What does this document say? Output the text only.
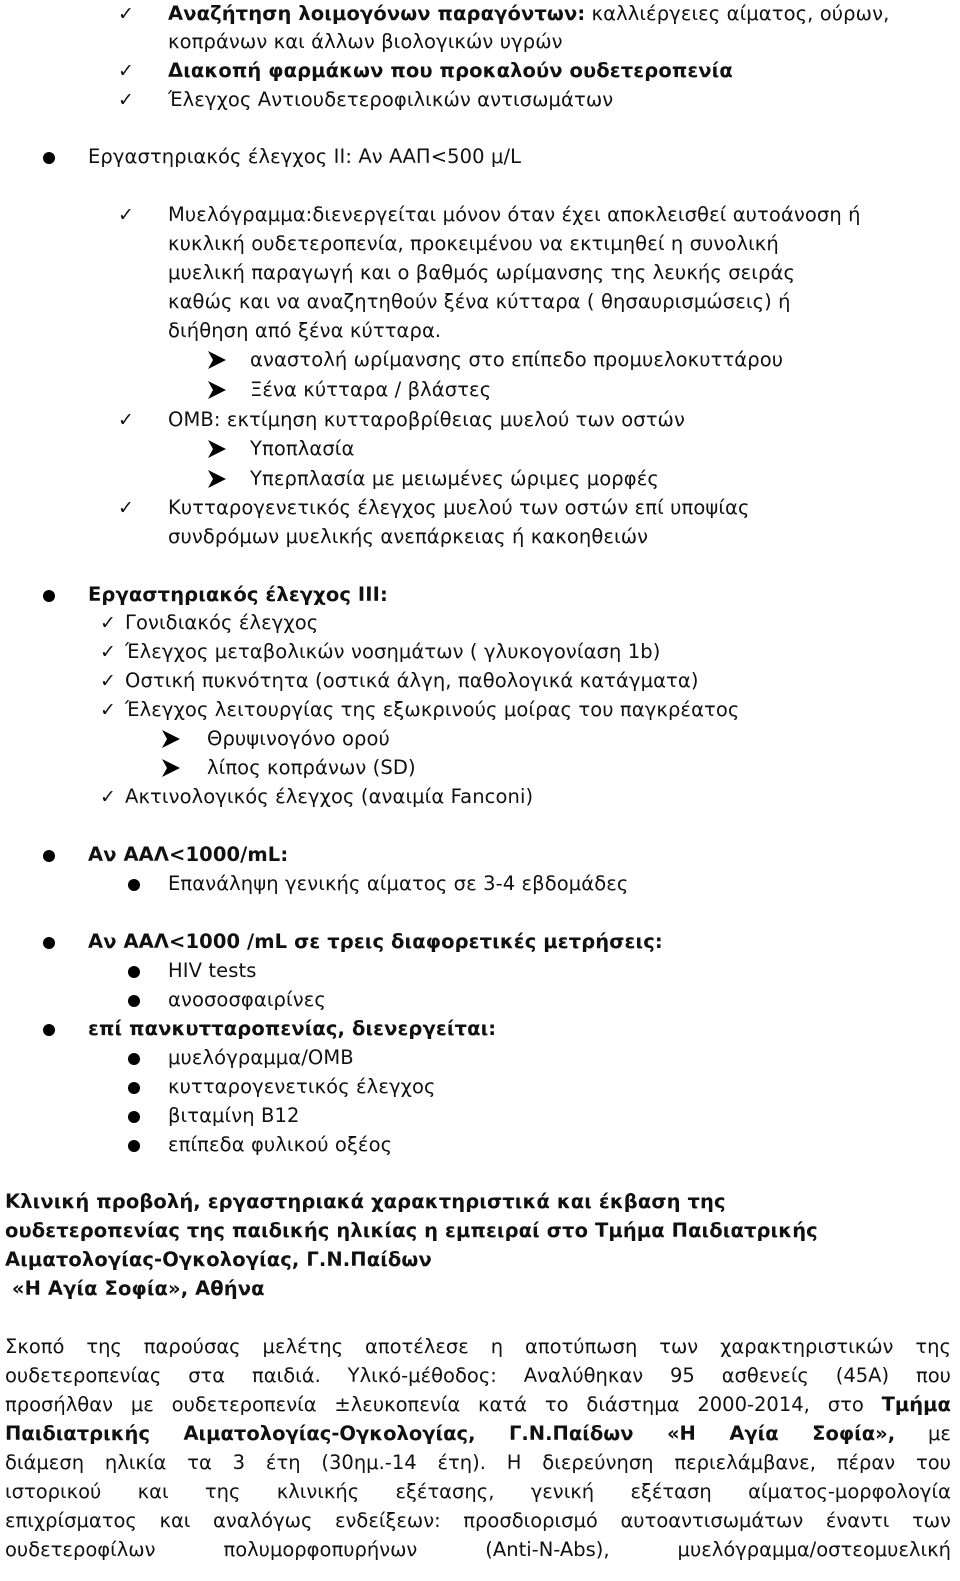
✓ Αναζήτηση λοιμογόνων παραγόντων: καλλιέργειες αίματος, ούρων,
κοπράνων και άλλων βιολογικών υγρών
✓ Διακοπή φαρμάκων που προκαλούν ουδετεροπενία
✓ Έλεγχος Αντιουδετεροφιλικών αντισωμάτων
Εργαστηριακός έλεγχος ΙΙ: Αν ΑΑΠ<500 μ/L
✓ Μυελόγραμμα:διενεργείται μόνον όταν έχει αποκλεισθεί αυτοάνοση ή
κυκλική ουδετεροπενία, προκειμένου να εκτιμηθεί η συνολική
μυελική παραγωγή και ο βαθμός ωρίμανσης της λευκής σειράς
καθώς και να αναζητηθούν ξένα κύτταρα ( θησαυρισμώσεις) ή
διήθηση από ξένα κύτταρα.
αναστολή ωρίμανσης στο επίπεδο προμυελοκυττάρου
Ξένα κύτταρα / βλάστες
✓ ΟΜΒ: εκτίμηση κυτταροβρίθειας μυελού των οστών
Υποπλασία
Υπερπλασία με μειωμένες ώριμες μορφές
✓ Κυτταρογενετικός έλεγχος μυελού των οστών επί υποψίας
συνδρόμων μυελικής ανεπάρκειας ή κακοηθειών
Εργαστηριακός έλεγχος ΙΙΙ:
✓ Γονιδιακός έλεγχος
✓ Έλεγχος μεταβολικών νοσημάτων ( γλυκογονίαση 1b)
✓ Οστική πυκνότητα (οστικά άλγη, παθολογικά κατάγματα)
✓ Έλεγχος λειτουργίας της εξωκρινούς μοίρας του παγκρέατος
Θρυψινογόνο ορού
λίπος κοπράνων (SD)
✓ Ακτινολογικός έλεγχος (αναιμία Fanconi)
Αν ΑΑΛ<1000/mL:
Επανάληψη γενικής αίματος σε 3-4 εβδομάδες
Αν ΑΑΛ<1000 /mL σε τρεις διαφορετικές μετρήσεις:
HIV tests
ανοσοσφαιρίνες
επί πανκυτταροπενίας, διενεργείται:
μυελόγραμμα/ΟΜΒ
κυτταρογενετικός έλεγχος
βιταμίνη Β12
επίπεδα φυλικού οξέος
Κλινική προβολή, εργαστηριακά χαρακτηριστικά και έκβαση της
ουδετεροπενίας της παιδικής ηλικίας η εμπειραί στο Τμήμα Παιδιατρικής
Αιματολογίας-Ογκολογίας, Γ.Ν.Παίδων
«Η Αγία Σοφία», Αθήνα
Σκοπό της παρούσας μελέτης αποτέλεσε η αποτύπωση των χαρακτηριστικών της
ουδετεροπενίας στα παιδιά. Υλικό-μέθοδος: Αναλύθηκαν 95 ασθενείς (45Α) που
προσήλθαν με ουδετεροπενία ±λευκοπενία κατά το διάστημα 2000-2014, στο Τμήμα
Παιδιατρικής Αιματολογίας-Ογκολογίας, Γ.Ν.Παίδων «Η Αγία Σοφία», με
διάμεση ηλικία τα 3 έτη (30ημ.-14 έτη). Η διερεύνηση περιελάμβανε, πέραν του
ιστορικού και της κλινικής εξέτασης, γενική εξέταση αίματος-μορφολογία
επιχρίσματος και αναλόγως ενδείξεων: προσδιορισμό αυτοαντισωμάτων έναντι των
ουδετεροφίλων	πολυμορφοπυρήνων	(Anti-N-Abs),	μυελόγραμμα/οστεομυελική
